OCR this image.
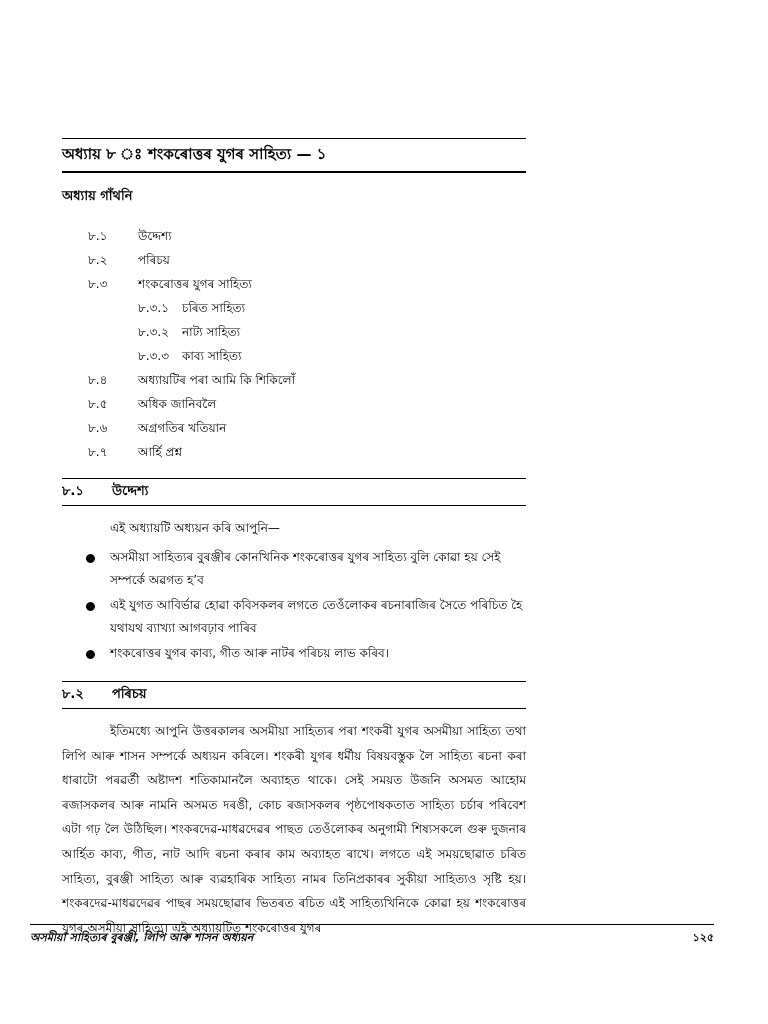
অধ্যায় ৮ ঃ শংকৰোত্তৰ যুগৰ সাহিত্য — ১
অধ্যায় গাঁথনি
৮.১	উদ্দেশ্য
৮.২	পৰিচয়
৮.৩	শংকৰোত্তৰ যুগৰ সাহিত্য
৮.৩.১	চৰিত সাহিত্য
৮.৩.২	নাট্য সাহিত্য
৮.৩.৩	কাব্য সাহিত্য
৮.৪	অধ্যায়টিৰ পৰা আমি কি শিকিলোঁ
৮.৫	অধিক জানিবলৈ
৮.৬	অগ্ৰগতিৰ খতিয়ান
৮.৭	আৰ্হি প্ৰশ্ন
৮.১	উদ্দেশ্য
এই অধ্যায়টি অধ্যয়ন কৰি আপুনি—
অসমীয়া সাহিত্যৰ বুৰঞ্জীৰ কোনখিনিক শংকৰোত্তৰ যুগৰ সাহিত্য বুলি কোৱা হয় সেই সম্পৰ্কে অৱগত হ’ব
এই যুগত আবিৰ্ভাৱ হোৱা কবিসকলৰ লগতে তেওঁলোকৰ ৰচনাৰাজিৰ সৈতে পৰিচিত হৈ যথাযথ ব্যাখ্যা আগবঢ়াব পাৰিব
শংকৰোত্তৰ যুগৰ কাব্য, গীত আৰু নাটৰ পৰিচয় লাভ কৰিব।
৮.২	পৰিচয়

ইতিমধ্যে আপুনি উত্তৰকালৰ অসমীয়া সাহিত্যৰ পৰা শংকৰী যুগৰ অসমীয়া সাহিত্য তথা লিপি আৰু শাসন সম্পৰ্কে অধ্যয়ন কৰিলে। শংকৰী যুগৰ ধৰ্মীয় বিষয়বস্তুক লৈ সাহিত্য ৰচনা কৰা ধাৰাটো পৰৱৰ্তী অষ্টাদশ শতিকামানলৈ অব্যাহত থাকে। সেই সময়ত উজনি অসমত আহোম ৰজাসকলৰ আৰু নামনি অসমত দৰঙী, কোচ ৰজাসকলৰ পৃষ্ঠপোষকতাত সাহিত্য চৰ্চাৰ পৰিবেশ এটা গঢ় লৈ উঠিছিল। শংকৰদেৱ-মাধৱদেৱৰ পাছত তেওঁলোকৰ অনুগামী শিষ্যসকলে গুৰু দুজনাৰ আৰ্হিত কাব্য, গীত, নাট আদি ৰচনা কৰাৰ কাম অব্যাহত ৰাখে। লগতে এই সময়ছোৱাত চৰিত সাহিত্য, বুৰঞ্জী সাহিত্য আৰু ব্যৱহাৰিক সাহিত্য নামৰ তিনিপ্ৰকাৰৰ সুকীয়া সাহিত্যও সৃষ্টি হয়। শংকৰদেৱ-মাধৱদেৱৰ পাছৰ সময়ছোৱাৰ ভিতৰত ৰচিত এই সাহিত্যখিনিকে কোৱা হয় শংকৰোত্তৰ যুগৰ অসমীয়া সাহিত্য। এই অধ্যায়টিত শংকৰোত্তৰ যুগৰ

অসমীয়া সাহিত্যৰ বুৰঞ্জী, লিপি আৰু শাসন অধ্যয়ন	১২৫
